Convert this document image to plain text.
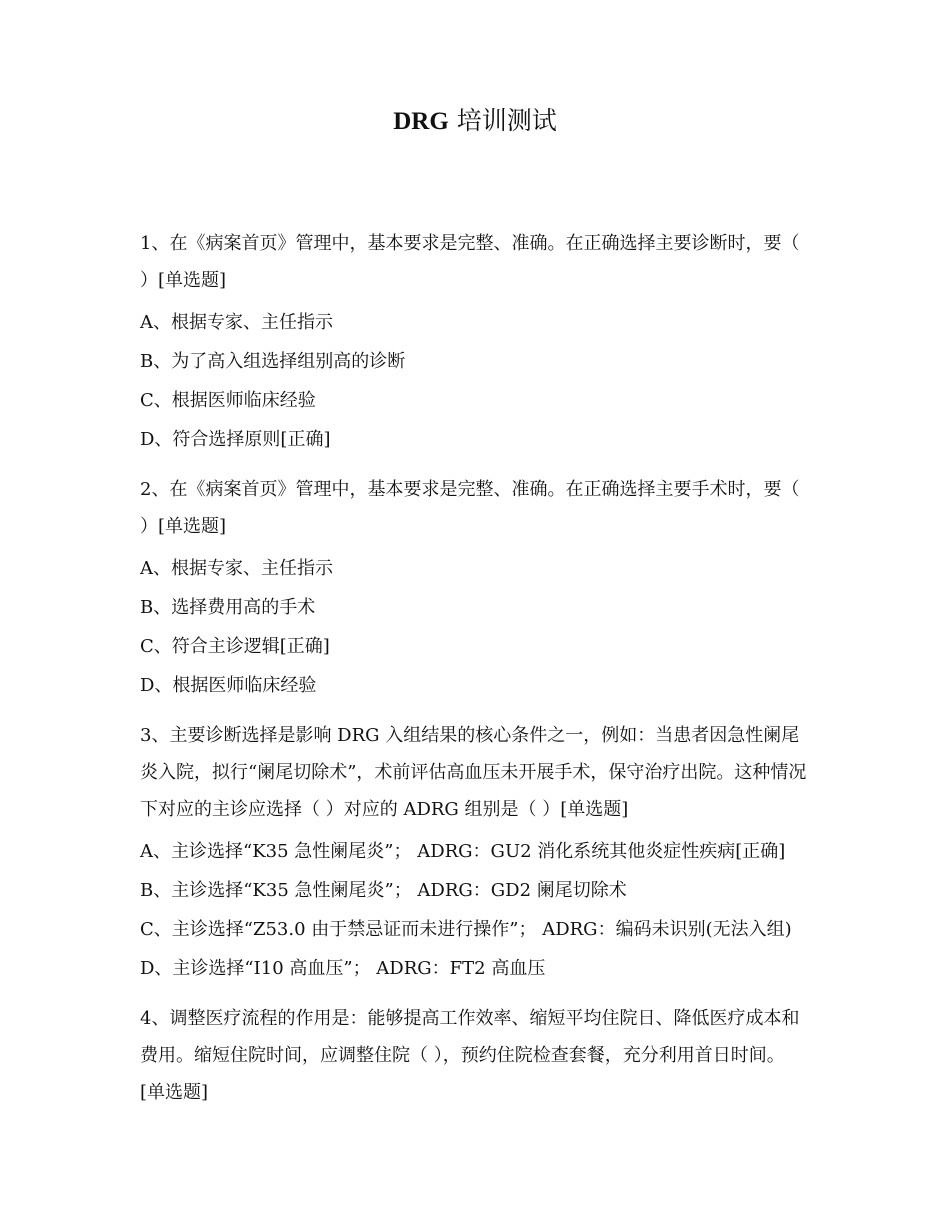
DRG 培训测试

1、在《病案首页》管理中，基本要求是完整、准确。在正确选择主要诊断时，要（ ）[单选题]

A、根据专家、主任指示

B、为了高入组选择组别高的诊断

C、根据医师临床经验

D、符合选择原则[正确]

2、在《病案首页》管理中，基本要求是完整、准确。在正确选择主要手术时，要（ ）[单选题]

A、根据专家、主任指示

B、选择费用高的手术

C、符合主诊逻辑[正确]

D、根据医师临床经验

3、主要诊断选择是影响 DRG 入组结果的核心条件之一，例如：当患者因急性阑尾炎入院，拟行“阑尾切除术”，术前评估高血压未开展手术，保守治疗出院。这种情况下对应的主诊应选择（ ）对应的 ADRG 组别是（ ）[单选题]

A、主诊选择“K35 急性阑尾炎”； ADRG：GU2 消化系统其他炎症性疾病[正确]

B、主诊选择“K35 急性阑尾炎”； ADRG：GD2 阑尾切除术

C、主诊选择“Z53.0 由于禁忌证而未进行操作”； ADRG：编码未识别(无法入组)

D、主诊选择“I10 高血压”； ADRG：FT2 高血压

4、调整医疗流程的作用是：能够提高工作效率、缩短平均住院日、降低医疗成本和费用。缩短住院时间，应调整住院（ ），预约住院检查套餐，充分利用首日时间。 [单选题]
